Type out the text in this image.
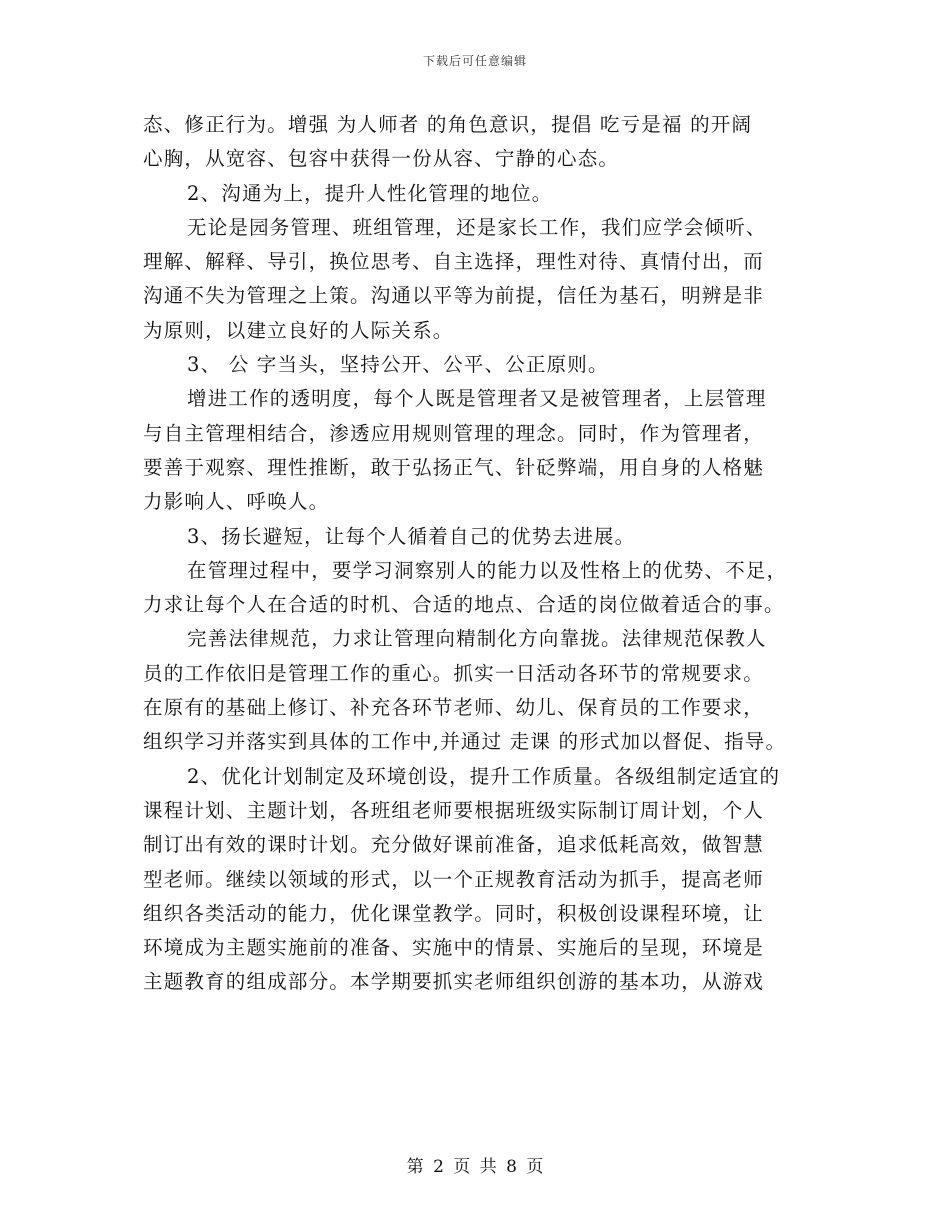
下载后可任意编辑
态、修正行为。增强 为人师者 的角色意识，提倡 吃亏是福 的开阔
心胸，从宽容、包容中获得一份从容、宁静的心态。
2、沟通为上，提升人性化管理的地位。
无论是园务管理、班组管理，还是家长工作，我们应学会倾听、
理解、解释、导引，换位思考、自主选择，理性对待、真情付出，而
沟通不失为管理之上策。沟通以平等为前提，信任为基石，明辨是非
为原则，以建立良好的人际关系。
3、 公 字当头，坚持公开、公平、公正原则。
增进工作的透明度，每个人既是管理者又是被管理者，上层管理
与自主管理相结合，渗透应用规则管理的理念。同时，作为管理者，
要善于观察、理性推断，敢于弘扬正气、针砭弊端，用自身的人格魅
力影响人、呼唤人。
3、扬长避短，让每个人循着自己的优势去进展。
在管理过程中，要学习洞察别人的能力以及性格上的优势、不足，
力求让每个人在合适的时机、合适的地点、合适的岗位做着适合的事。
完善法律规范，力求让管理向精制化方向靠拢。法律规范保教人
员的工作依旧是管理工作的重心。抓实一日活动各环节的常规要求。
在原有的基础上修订、补充各环节老师、幼儿、保育员的工作要求，
组织学习并落实到具体的工作中,并通过 走课 的形式加以督促、指导。
2、优化计划制定及环境创设，提升工作质量。各级组制定适宜的
课程计划、主题计划，各班组老师要根据班级实际制订周计划，个人
制订出有效的课时计划。充分做好课前准备，追求低耗高效，做智慧
型老师。继续以领域的形式，以一个正规教育活动为抓手，提高老师
组织各类活动的能力，优化课堂教学。同时，积极创设课程环境，让
环境成为主题实施前的准备、实施中的情景、实施后的呈现，环境是
主题教育的组成部分。本学期要抓实老师组织创游的基本功，从游戏
第 2 页 共 8 页
